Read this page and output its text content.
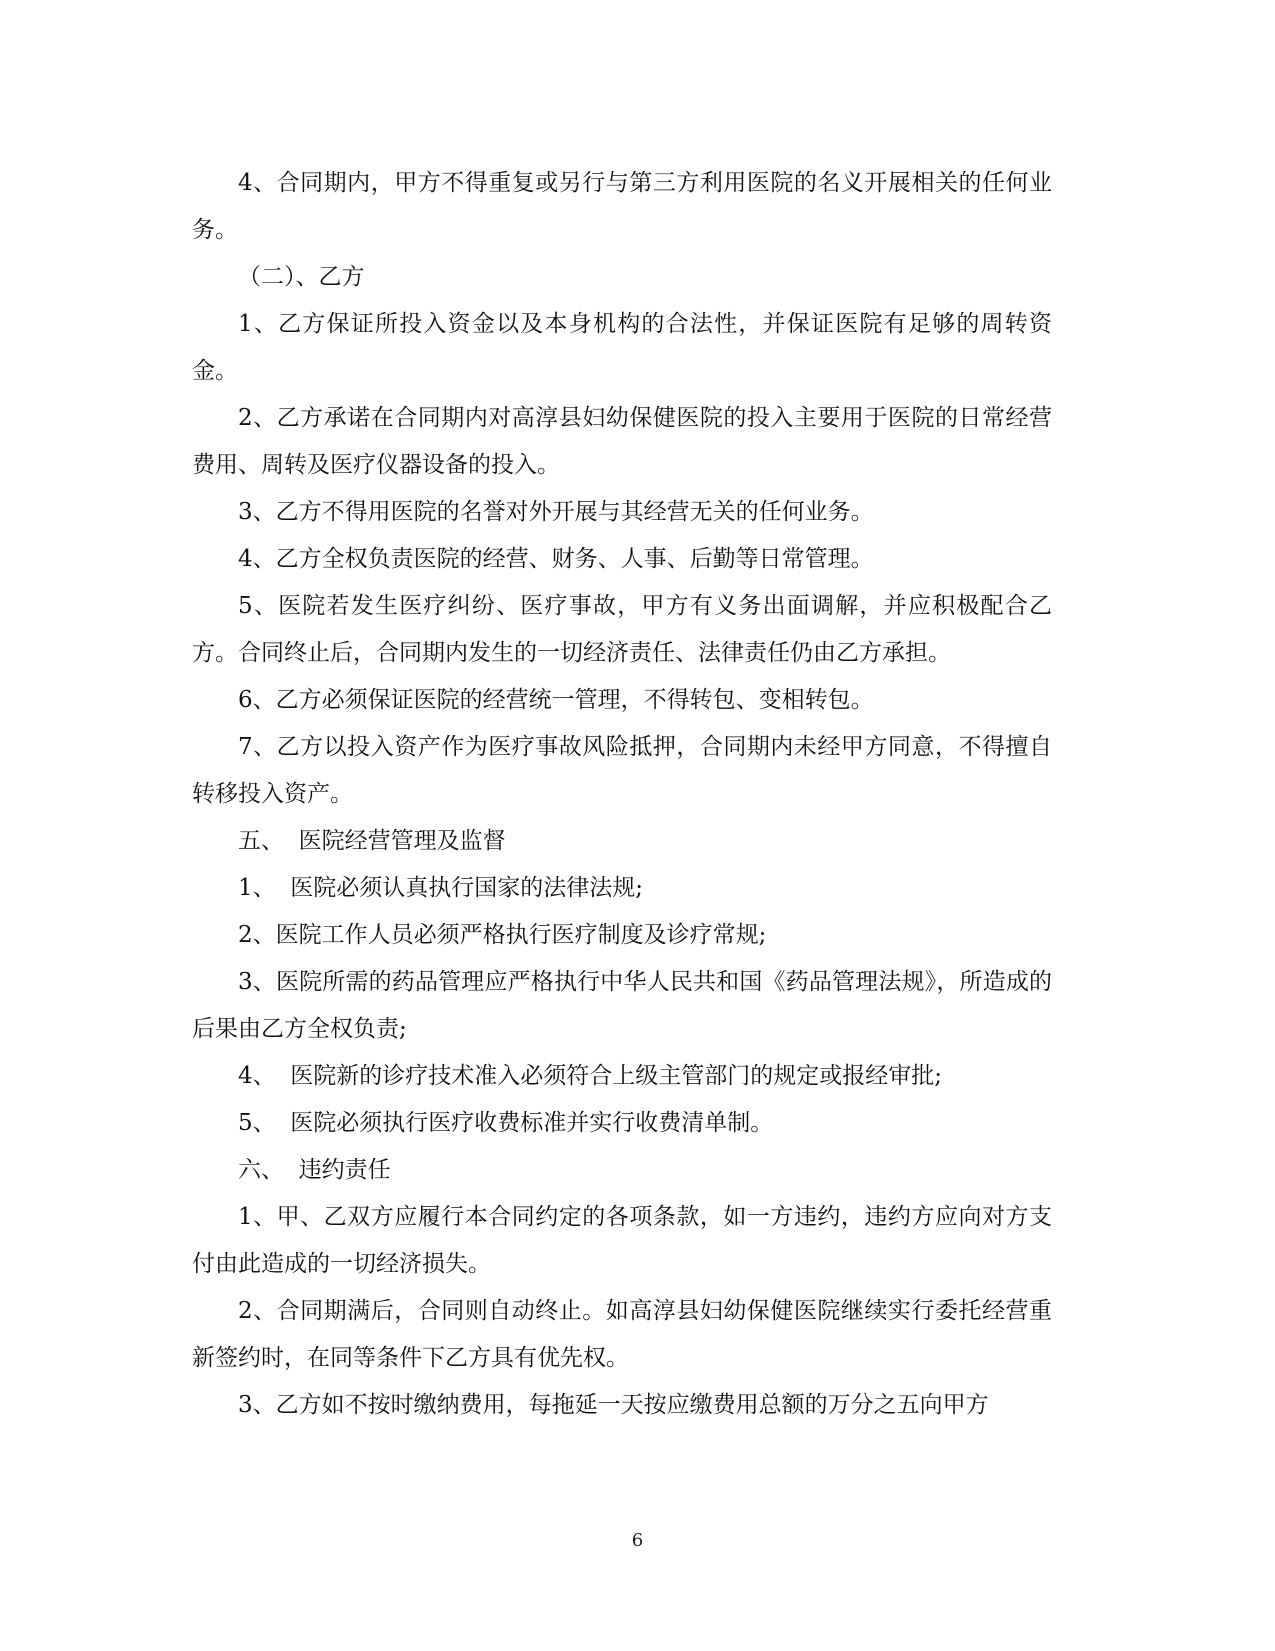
4、合同期内，甲方不得重复或另行与第三方利用医院的名义开展相关的任何业务。

（二）、乙方

1、乙方保证所投入资金以及本身机构的合法性，并保证医院有足够的周转资金。

2、乙方承诺在合同期内对高淳县妇幼保健医院的投入主要用于医院的日常经营费用、周转及医疗仪器设备的投入。

3、乙方不得用医院的名誉对外开展与其经营无关的任何业务。

4、乙方全权负责医院的经营、财务、人事、后勤等日常管理。

5、医院若发生医疗纠纷、医疗事故，甲方有义务出面调解，并应积极配合乙方。合同终止后，合同期内发生的一切经济责任、法律责任仍由乙方承担。

6、乙方必须保证医院的经营统一管理，不得转包、变相转包。

7、乙方以投入资产作为医疗事故风险抵押，合同期内未经甲方同意，不得擅自转移投入资产。

五、  医院经营管理及监督

1、  医院必须认真执行国家的法律法规;

2、医院工作人员必须严格执行医疗制度及诊疗常规;

3、医院所需的药品管理应严格执行中华人民共和国《药品管理法规》，所造成的后果由乙方全权负责;

4、  医院新的诊疗技术准入必须符合上级主管部门的规定或报经审批;

5、  医院必须执行医疗收费标准并实行收费清单制。

六、  违约责任

1、甲、乙双方应履行本合同约定的各项条款，如一方违约，违约方应向对方支付由此造成的一切经济损失。

2、合同期满后，合同则自动终止。如高淳县妇幼保健医院继续实行委托经营重新签约时，在同等条件下乙方具有优先权。

3、乙方如不按时缴纳费用，每拖延一天按应缴费用总额的万分之五向甲方

6
